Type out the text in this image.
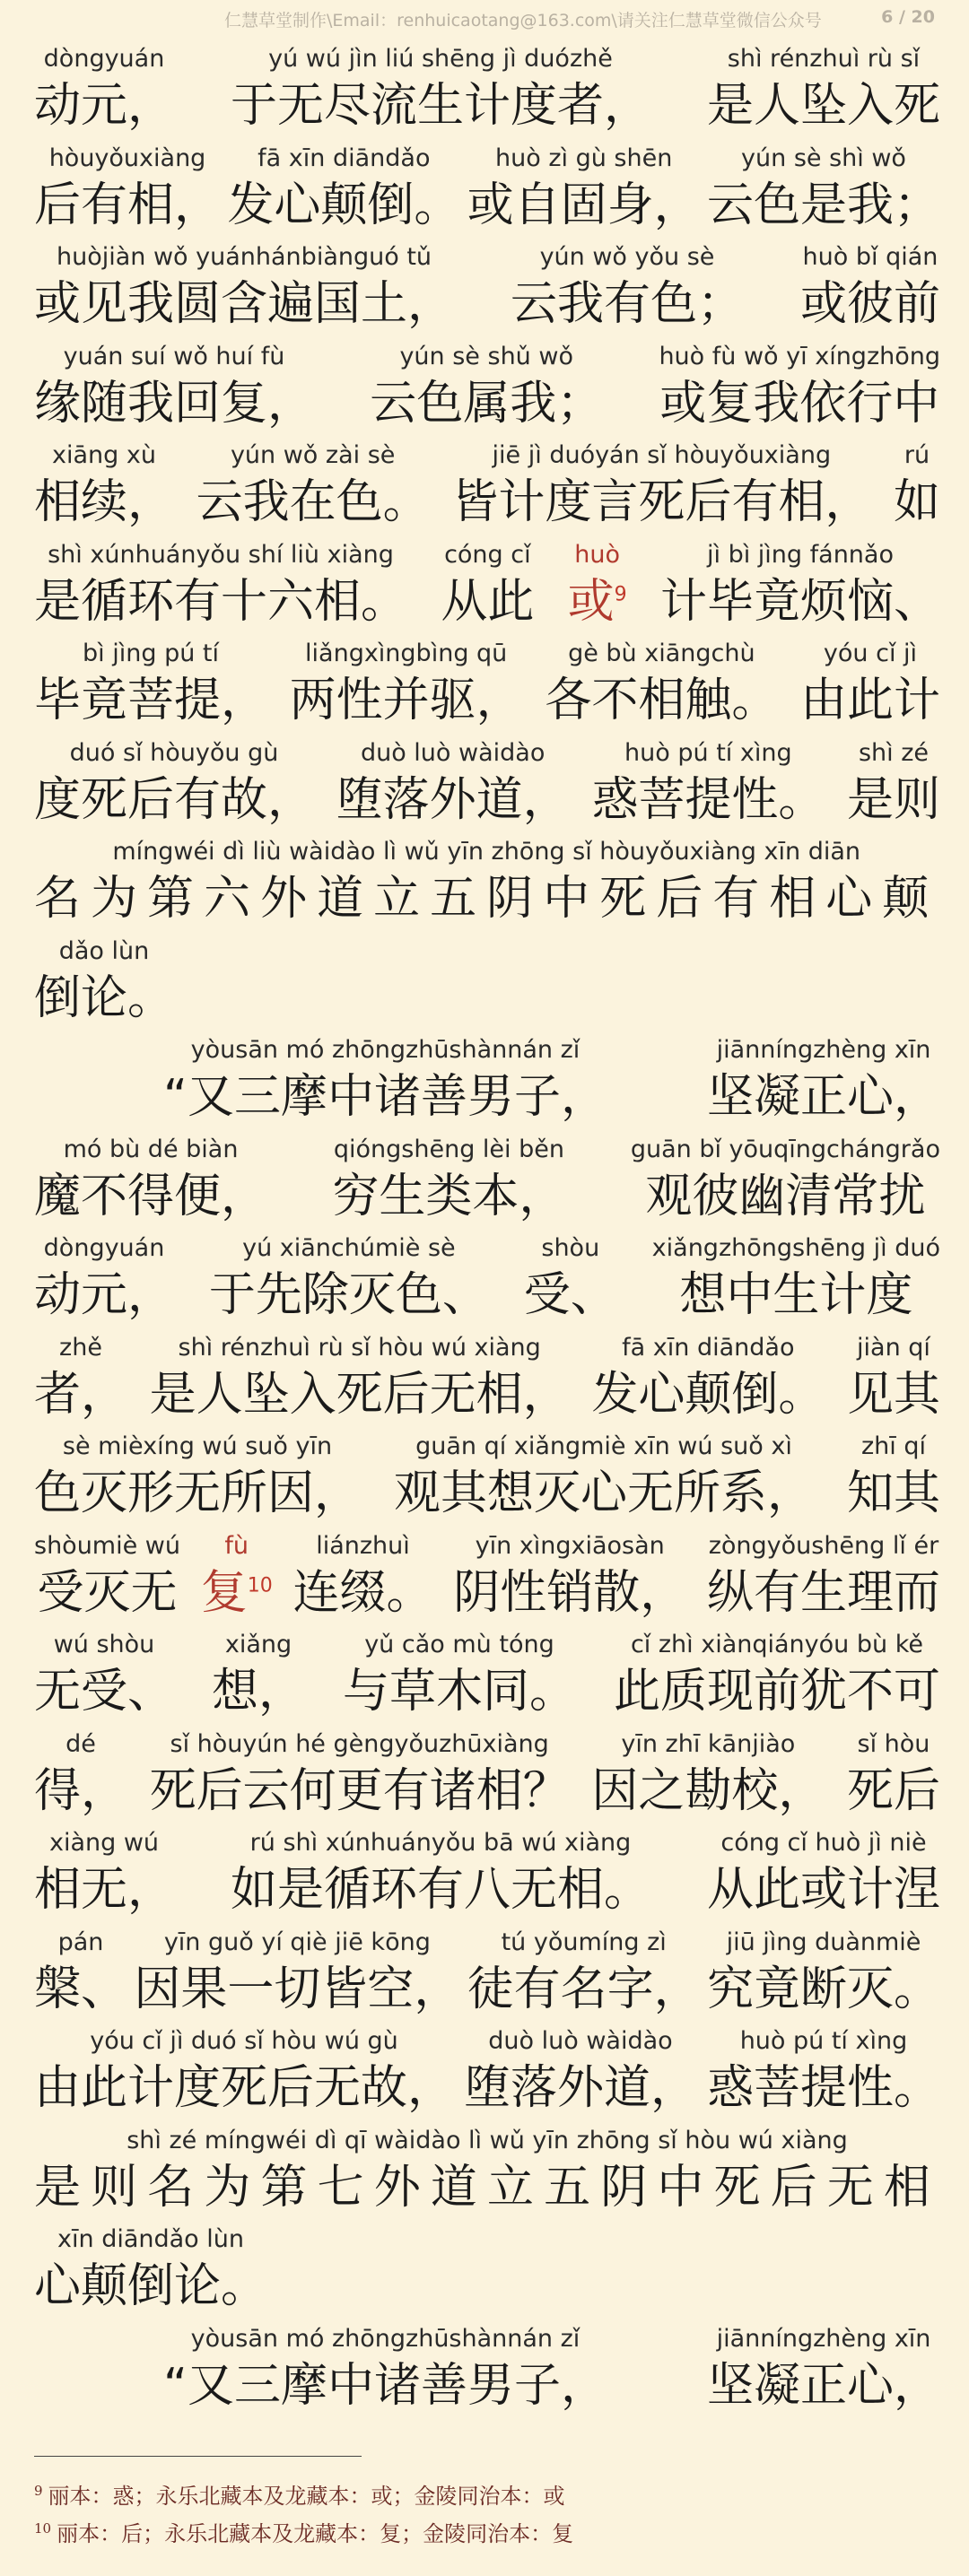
仁慧草堂制作\Email：renhuicaotang@163.com\请关注仁慧草堂微信公众号	6 / 20
dòngyuán
动元，
yú wú jìn liú shēng jì duózhě
于无尽流生计度者，
shì rénzhuì rù sǐ
是人坠入死
hòuyǒuxiàng
后有相，
fā xīn diāndǎo
发心颠倒。
huò zì gù shēn
或自固身，
yún sè shì wǒ
云色是我；
huòjiàn wǒ yuánhánbiànguó tǔ
或见我圆含遍国土，
yún wǒ yǒu sè
云我有色；
huò bǐ qián
或彼前
yuán suí wǒ huí fù
缘随我回复，
yún sè shǔ wǒ
云色属我；
huò fù wǒ yī xíngzhōng
或复我依行中
xiāng xù
相续，
yún wǒ zài sè
云我在色。
jiē jì duóyán sǐ hòuyǒuxiàng
皆计度言死后有相，
rú
如
shì xúnhuányǒu shí liù xiàng
是循环有十六相。
cóng cǐ
从此
huò
或$^9$
jì bì jìng fánnǎo
计毕竟烦恼、
bì jìng pú tí
毕竟菩提，
liǎngxìngbìng qū
两性并驱，
gè bù xiāngchù
各不相触。
yóu cǐ jì
由此计
duó sǐ hòuyǒu gù
度死后有故，
duò luò wàidào
堕落外道，
huò pú tí xìng
惑菩提性。
shì zé
是则
míngwéi dì liù wàidào lì wǔ yīn zhōng sǐ hòuyǒuxiàng xīn diān
名为第六外道立五阴中死后有相心颠
dǎo lùn
倒论。
yòusān mó zhōngzhūshànnán zǐ
“又三摩中诸善男子，
jiānníngzhèng xīn
坚凝正心，
mó bù dé biàn
魔不得便，
qióngshēng lèi běn
穷生类本，
guān bǐ yōuqīngchángrǎo
观彼幽清常扰
dòngyuán
动元，
yú xiānchúmiè sè
于先除灭色、
shòu
受、
xiǎngzhōngshēng jì duó
想中生计度
zhě
者，
shì rénzhuì rù sǐ hòu wú xiàng
是人坠入死后无相，
fā xīn diāndǎo
发心颠倒。
jiàn qí
见其
sè mièxíng wú suǒ yīn
色灭形无所因，
guān qí xiǎngmiè xīn wú suǒ xì
观其想灭心无所系，
zhī qí
知其
shòumiè wú
受灭无
fù
复$^{10}$
liánzhuì
连缀。
yīn xìngxiāosàn
阴性销散，
zòngyǒushēng lǐ ér
纵有生理而
wú shòu
无受、
xiǎng
想，
yǔ cǎo mù tóng
与草木同。
cǐ zhì xiànqiányóu bù kě
此质现前犹不可
dé
得，
sǐ hòuyún hé gèngyǒuzhūxiàng
死后云何更有诸相？
yīn zhī kānjiào
因之勘校，
sǐ hòu
死后
xiàng wú
相无，
rú shì xúnhuányǒu bā wú xiàng
如是循环有八无相。
cóng cǐ huò jì niè
从此或计涅
pán
槃、
yīn guǒ yí qiè jiē kōng
因果一切皆空，
tú yǒumíng zì
徒有名字，
jiū jìng duànmiè
究竟断灭。
yóu cǐ jì duó sǐ hòu wú gù
由此计度死后无故，
duò luò wàidào
堕落外道，
huò pú tí xìng
惑菩提性。
shì zé míngwéi dì qī wàidào lì wǔ yīn zhōng sǐ hòu wú xiàng
是则名为第七外道立五阴中死后无相
xīn diāndǎo lùn
心颠倒论。
yòusān mó zhōngzhūshànnán zǐ
“又三摩中诸善男子，
jiānníngzhèng xīn
坚凝正心，
$^9$ 丽本：惑；永乐北藏本及龙藏本：或；金陵同治本：或
$^{10}$ 丽本：后；永乐北藏本及龙藏本：复；金陵同治本：复
